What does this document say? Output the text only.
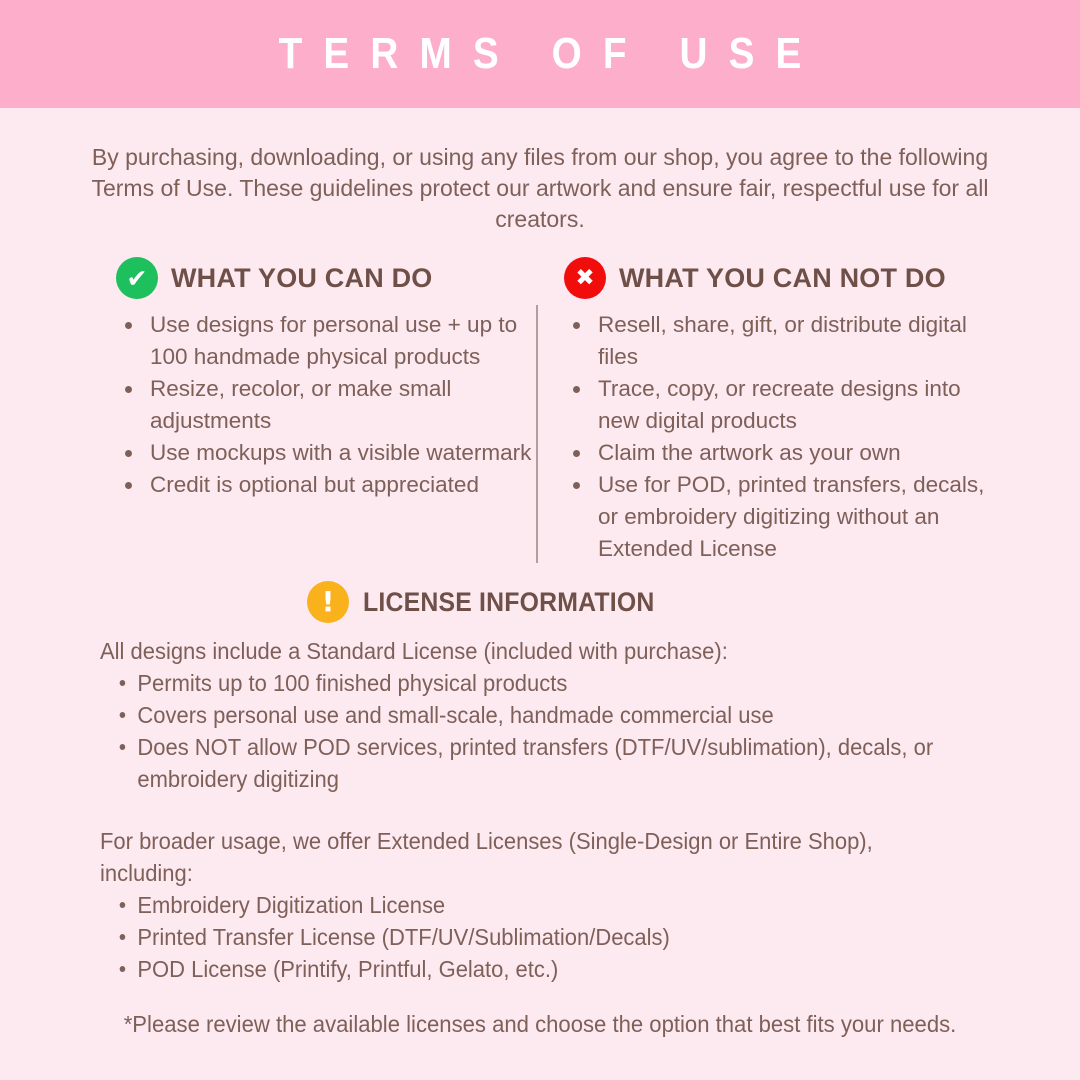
TERMS OF USE

By purchasing, downloading, or using any files from our shop, you agree to the following Terms of Use. These guidelines protect our artwork and ensure fair, respectful use for all creators.

✔ WHAT YOU CAN DO
Use designs for personal use + up to 100 handmade physical products
Resize, recolor, or make small adjustments
Use mockups with a visible watermark
Credit is optional but appreciated
✖ WHAT YOU CAN NOT DO
Resell, share, gift, or distribute digital files
Trace, copy, or recreate designs into new digital products
Claim the artwork as your own
Use for POD, printed transfers, decals, or embroidery digitizing without an Extended License
! LICENSE INFORMATION

All designs include a Standard License (included with purchase):

Permits up to 100 finished physical products
Covers personal use and small-scale, handmade commercial use
Does NOT allow POD services, printed transfers (DTF/UV/sublimation), decals, or embroidery digitizing

For broader usage, we offer Extended Licenses (Single-Design or Entire Shop),

including:

Embroidery Digitization License
Printed Transfer License (DTF/UV/Sublimation/Decals)
POD License (Printify, Printful, Gelato, etc.)

*Please review the available licenses and choose the option that best fits your needs.
